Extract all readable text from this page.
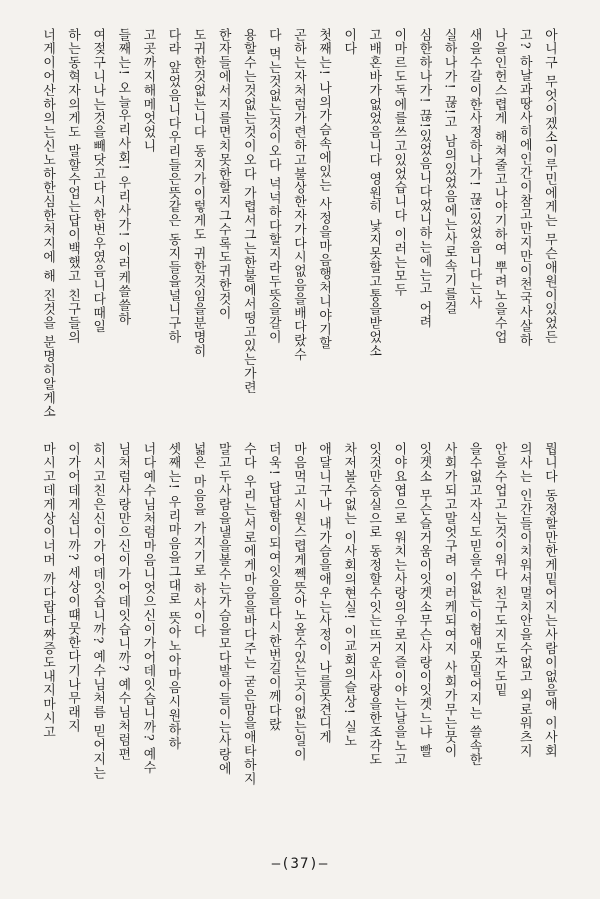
아니구 무엇이겠소이루민에게는 무슨애원이있었든
고? 하날과땅사히에인간이참고만지만이천국사살하
나을인헌스렵게 해쳐줄고나야기하여 뿌려노을수업
새을수갈이한사정하나가! 끊!있었음니다는사
실하나가! 끊!고 남의있었음에는사로속기를걸
심한하나가! 끊!있었음니다었니하는에는고 어려
이마르도독에를쓰고있었습니다 이러는모두
고배혼바가없었음니다 영원히 낯지못할고통을받었소
이다
첫째는! 나의가슴속에있는 사정을마음행처니야기할
곤하는자처럼가련하고불상한자가다시없음을배다랐수
다 먹는것없는것이오다 넉넉하다할지라두뜻을갈이
용할수는것없는것이오다 가렵서그는한불에서떵고있는가련
한자들에서지를면치못한할지그수록도귀한것이
도귀한것없는니다 동지가이렇게도 귀한것임을분명히
다라 앞었음니다우리들은뜻같은 동지들을널니구하
고곳까지해메엇었니
들째는! 오늘우리사회! 우리사가! 이러케쓸쓸하
여젖구니나는것을빼닷고다시한번우였음니다때일
하는동혁자의게도 말할수업는답이백했고 친구들의
너게이어산하의는신노하한심한처지에 해 진것을 분명히알게소
뭡니다 동정할만한게밑어지는사람이없음애 이사회
의사는 인간들이치워서멀치안을수없고 외로워츠지
안을수업고는것이워다 친구도지도자도밑
을수없고자식도믿을수없는이험애못밀어지는 쓸속한
사회가되고말엇구려 이러케되여지 사회가무는뭇이
잇겟소 무슨슬거움이잇겟소무슨사랑이잇겟느냐 빨
이야요엽으로 워치는사랑의우로지즐이야는날을노고
잇것만승실으로 동정할수잇는뜨거운사랑을한조각도
차저볼수없는 이사회의현실! 이교회의슬상! 실노
애달니구나 내가슴을애우는사정이 나를못견디게
마음먹고시원스렵게쩩뜻아노올수있는곳이없는일이
더욱! 답답함이되여잇음을다시한번길이께다랐
수다 우리는서로에게마음을바다주는 굳은맘을애타하지
말고두사람을낼을볼수는가슴을모다발아들이는사랑에
넓은 마음을 가지기로 하사이다
셋째는! 우리마음을그대로 뜻아노아마음시원하하
너다예수님처럼마음니엇으신이가어데잇습니까? 예수
님처럼사랑만으신이가어데잇습니까? 예수님처럼편
히시고친은신이가어데잇습니까? 예수님처름 믿어지는
이가어데게심니까? 세상이떄뭇한다기나무래지
마시고데게상이너머 까다랍다짜증도내지마시고
—(37)—
